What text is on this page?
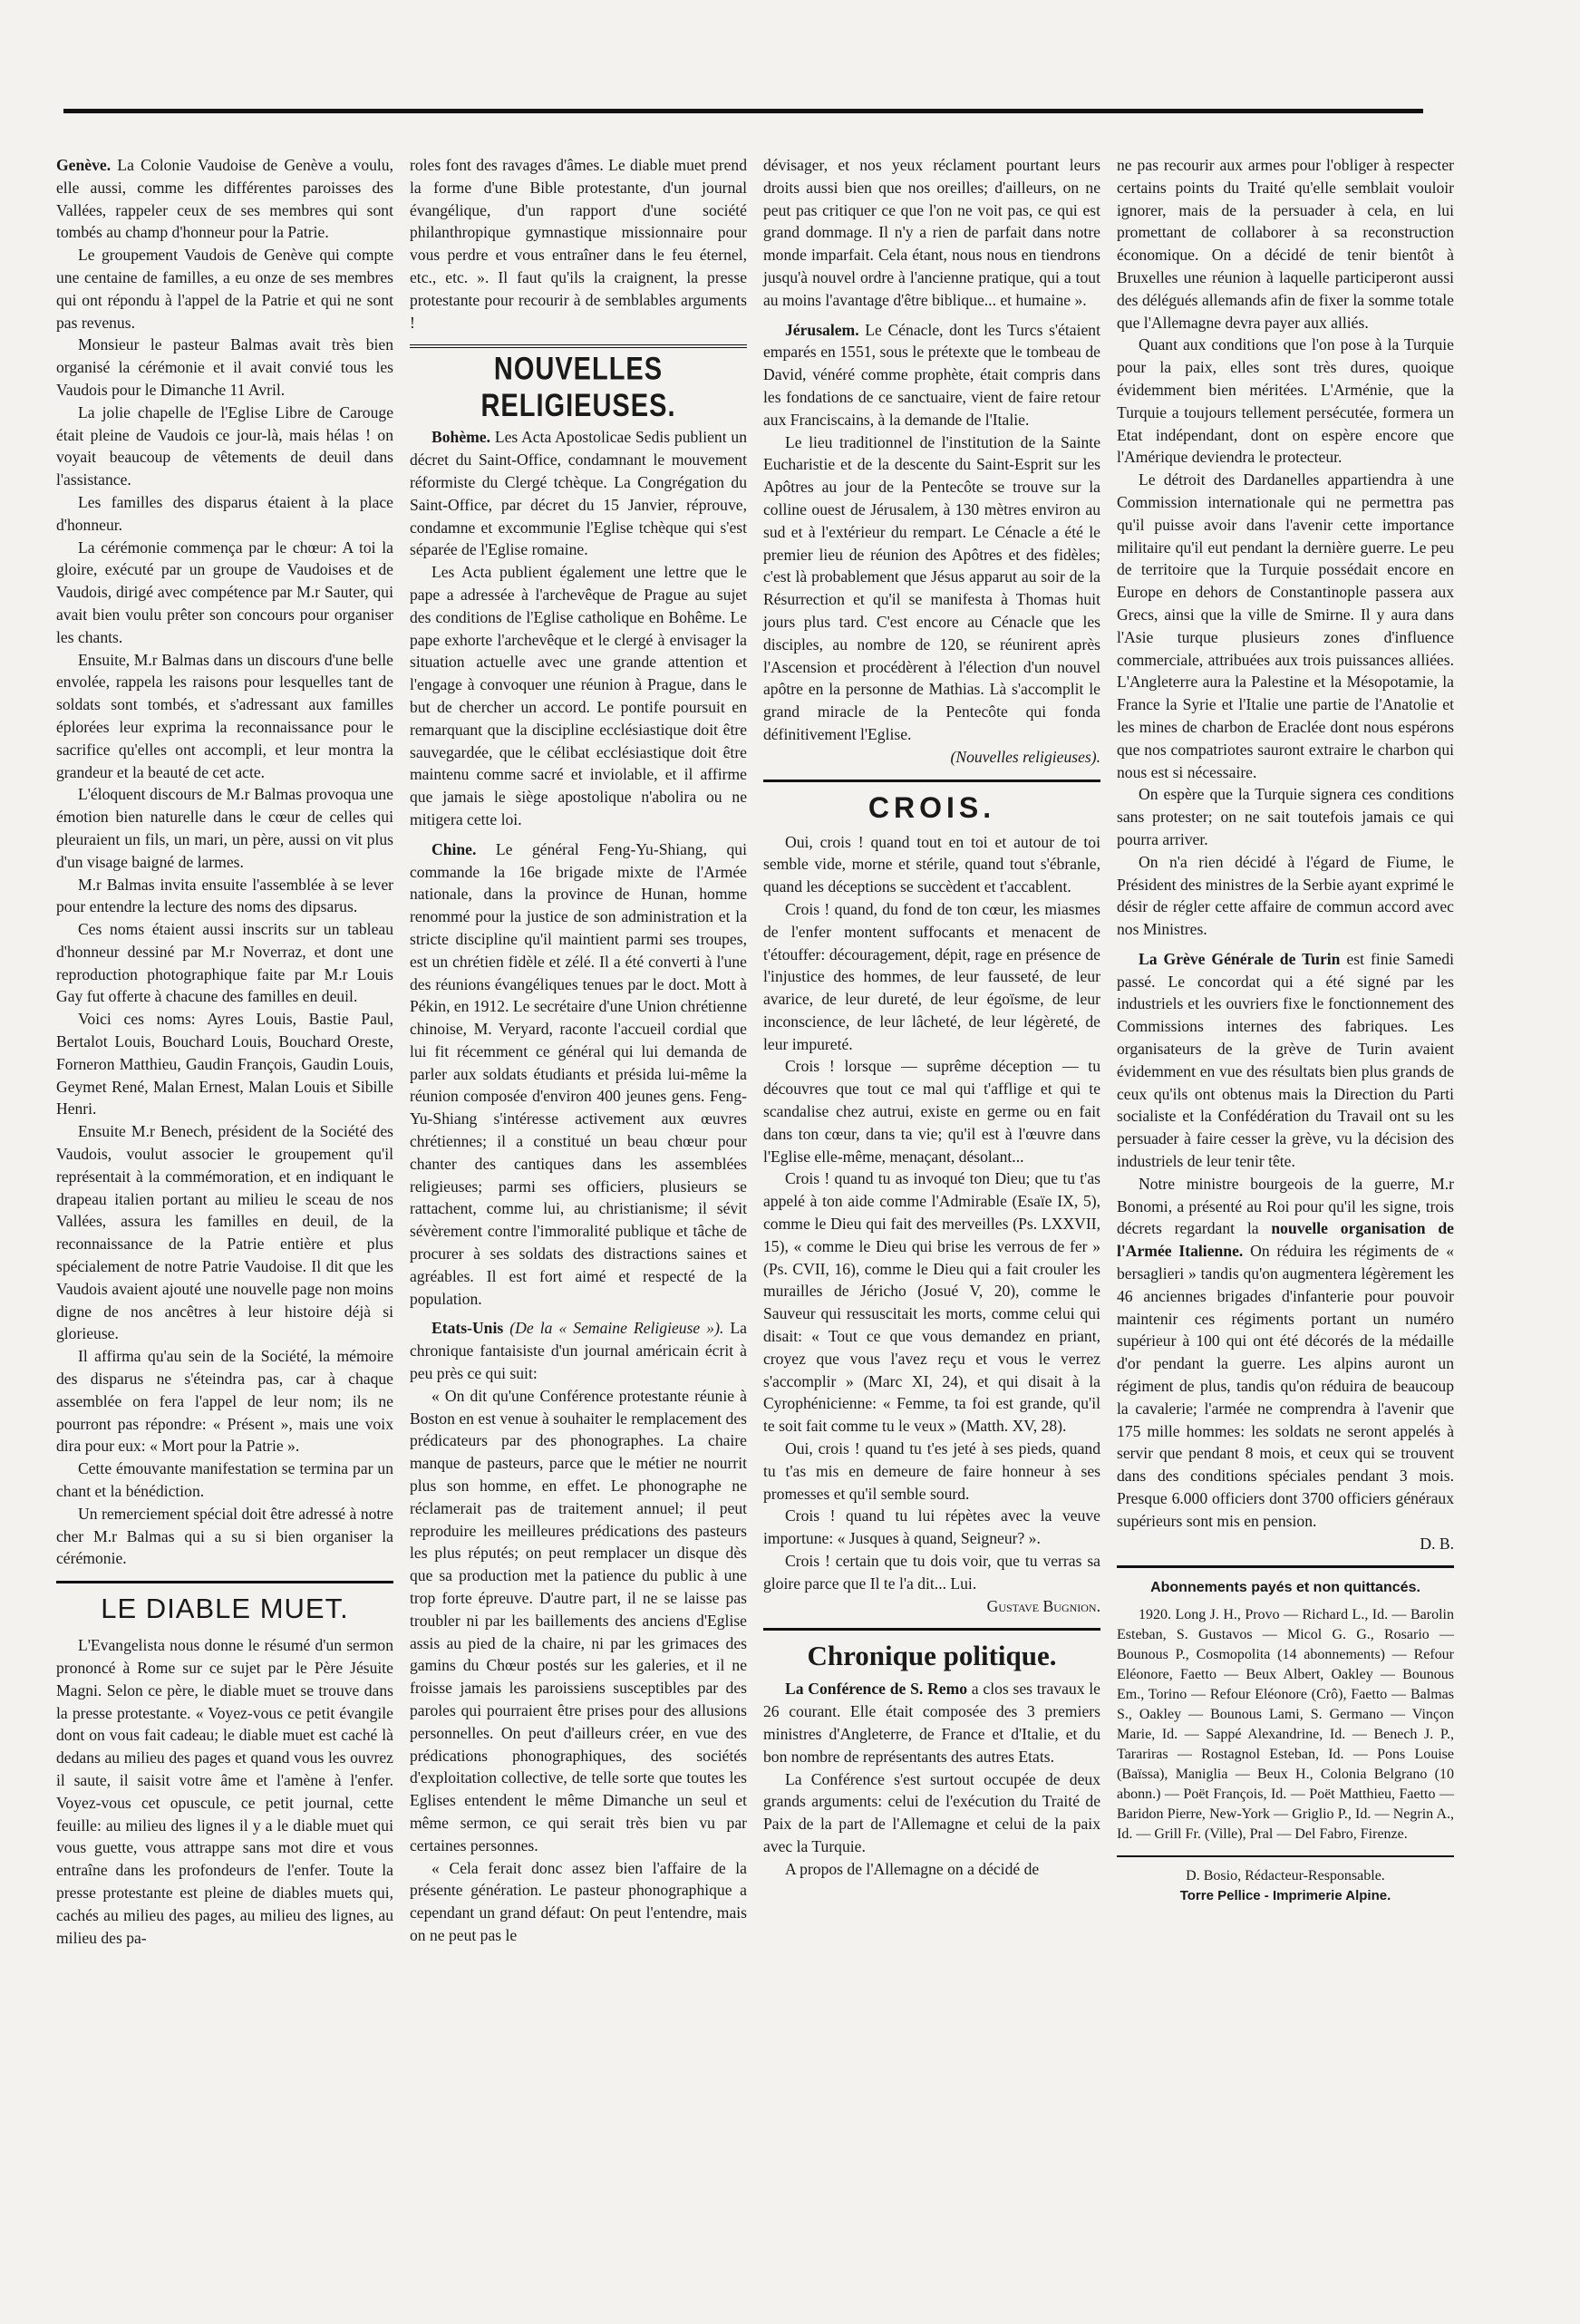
Genève. La Colonie Vaudoise de Genève a voulu, elle aussi, comme les différentes paroisses des Vallées, rappeler ceux de ses membres qui sont tombés au champ d'honneur pour la Patrie.

Le groupement Vaudois de Genève qui compte une centaine de familles, a eu onze de ses membres qui ont répondu à l'appel de la Patrie et qui ne sont pas revenus.

Monsieur le pasteur Balmas avait très bien organisé la cérémonie et il avait convié tous les Vaudois pour le Dimanche 11 Avril.

La jolie chapelle de l'Eglise Libre de Carouge était pleine de Vaudois ce jour-là, mais hélas ! on voyait beaucoup de vêtements de deuil dans l'assistance.

Les familles des disparus étaient à la place d'honneur.

La cérémonie commença par le chœur: A toi la gloire, exécuté par un groupe de Vaudoises et de Vaudois, dirigé avec compétence par M.r Sauter, qui avait bien voulu prêter son concours pour organiser les chants.

Ensuite, M.r Balmas dans un discours d'une belle envolée, rappela les raisons pour lesquelles tant de soldats sont tombés, et s'adressant aux familles éplorées leur exprima la reconnaissance pour le sacrifice qu'elles ont accompli, et leur montra la grandeur et la beauté de cet acte.

L'éloquent discours de M.r Balmas provoqua une émotion bien naturelle dans le cœur de celles qui pleuraient un fils, un mari, un père, aussi on vit plus d'un visage baigné de larmes.

M.r Balmas invita ensuite l'assemblée à se lever pour entendre la lecture des noms des dipsarus.

Ces noms étaient aussi inscrits sur un tableau d'honneur dessiné par M.r Noverraz, et dont une reproduction photographique faite par M.r Louis Gay fut offerte à chacune des familles en deuil.

Voici ces noms: Ayres Louis, Bastie Paul, Bertalot Louis, Bouchard Louis, Bouchard Oreste, Forneron Matthieu, Gaudin François, Gaudin Louis, Geymet René, Malan Ernest, Malan Louis et Sibille Henri.

Ensuite M.r Benech, président de la Société des Vaudois, voulut associer le groupement qu'il représentait à la commémoration, et en indiquant le drapeau italien portant au milieu le sceau de nos Vallées, assura les familles en deuil, de la reconnaissance de la Patrie entière et plus spécialement de notre Patrie Vaudoise. Il dit que les Vaudois avaient ajouté une nouvelle page non moins digne de nos ancêtres à leur histoire déjà si glorieuse.

Il affirma qu'au sein de la Société, la mémoire des disparus ne s'éteindra pas, car à chaque assemblée on fera l'appel de leur nom; ils ne pourront pas répondre: « Présent », mais une voix dira pour eux: « Mort pour la Patrie ».

Cette émouvante manifestation se termina par un chant et la bénédiction.

Un remerciement spécial doit être adressé à notre cher M.r Balmas qui a su si bien organiser la cérémonie.

LE DIABLE MUET.

L'Evangelista nous donne le résumé d'un sermon prononcé à Rome sur ce sujet par le Père Jésuite Magni. Selon ce père, le diable muet se trouve dans la presse protestante. « Voyez-vous ce petit évangile dont on vous fait cadeau; le diable muet est caché là dedans au milieu des pages et quand vous les ouvrez il saute, il saisit votre âme et l'amène à l'enfer. Voyez-vous cet opuscule, ce petit journal, cette feuille: au milieu des lignes il y a le diable muet qui vous guette, vous attrappe sans mot dire et vous entraîne dans les profondeurs de l'enfer. Toute la presse protestante est pleine de diables muets qui, cachés au milieu des pages, au milieu des lignes, au milieu des pa-

roles font des ravages d'âmes. Le diable muet prend la forme d'une Bible protestante, d'un journal évangélique, d'un rapport d'une société philanthropique gymnastique missionnaire pour vous perdre et vous entraîner dans le feu éternel, etc., etc. ». Il faut qu'ils la craignent, la presse protestante pour recourir à de semblables arguments !

NOUVELLES RELIGIEUSES.

Bohème. Les Acta Apostolicae Sedis publient un décret du Saint-Office, condamnant le mouvement réformiste du Clergé tchèque. La Congrégation du Saint-Office, par décret du 15 Janvier, réprouve, condamne et excommunie l'Eglise tchèque qui s'est séparée de l'Eglise romaine.

Les Acta publient également une lettre que le pape a adressée à l'archevêque de Prague au sujet des conditions de l'Eglise catholique en Bohême. Le pape exhorte l'archevêque et le clergé à envisager la situation actuelle avec une grande attention et l'engage à convoquer une réunion à Prague, dans le but de chercher un accord. Le pontife poursuit en remarquant que la discipline ecclésiastique doit être sauvegardée, que le célibat ecclésiastique doit être maintenu comme sacré et inviolable, et il affirme que jamais le siège apostolique n'abolira ou ne mitigera cette loi.

Chine. Le général Feng-Yu-Shiang, qui commande la 16e brigade mixte de l'Armée nationale, dans la province de Hunan, homme renommé pour la justice de son administration et la stricte discipline qu'il maintient parmi ses troupes, est un chrétien fidèle et zélé. Il a été converti à l'une des réunions évangéliques tenues par le doct. Mott à Pékin, en 1912. Le secrétaire d'une Union chrétienne chinoise, M. Veryard, raconte l'accueil cordial que lui fit récemment ce général qui lui demanda de parler aux soldats étudiants et présida lui-même la réunion composée d'environ 400 jeunes gens. Feng-Yu-Shiang s'intéresse activement aux œuvres chrétiennes; il a constitué un beau chœur pour chanter des cantiques dans les assemblées religieuses; parmi ses officiers, plusieurs se rattachent, comme lui, au christianisme; il sévit sévèrement contre l'immoralité publique et tâche de procurer à ses soldats des distractions saines et agréables. Il est fort aimé et respecté de la population.

Etats-Unis (De la « Semaine Religieuse »). La chronique fantaisiste d'un journal américain écrit à peu près ce qui suit:

« On dit qu'une Conférence protestante réunie à Boston en est venue à souhaiter le remplacement des prédicateurs par des phonographes. La chaire manque de pasteurs, parce que le métier ne nourrit plus son homme, en effet. Le phonographe ne réclamerait pas de traitement annuel; il peut reproduire les meilleures prédications des pasteurs les plus réputés; on peut remplacer un disque dès que sa production met la patience du public à une trop forte épreuve. D'autre part, il ne se laisse pas troubler ni par les baillements des anciens d'Eglise assis au pied de la chaire, ni par les grimaces des gamins du Chœur postés sur les galeries, et il ne froisse jamais les paroissiens susceptibles par des paroles qui pourraient être prises pour des allusions personnelles. On peut d'ailleurs créer, en vue des prédications phonographiques, des sociétés d'exploitation collective, de telle sorte que toutes les Eglises entendent le même Dimanche un seul et même sermon, ce qui serait très bien vu par certaines personnes.

« Cela ferait donc assez bien l'affaire de la présente génération. Le pasteur phonographique a cependant un grand défaut: On peut l'entendre, mais on ne peut pas le

dévisager, et nos yeux réclament pourtant leurs droits aussi bien que nos oreilles; d'ailleurs, on ne peut pas critiquer ce que l'on ne voit pas, ce qui est grand dommage. Il n'y a rien de parfait dans notre monde imparfait. Cela étant, nous nous en tiendrons jusqu'à nouvel ordre à l'ancienne pratique, qui a tout au moins l'avantage d'être biblique... et humaine ».

Jérusalem. Le Cénacle, dont les Turcs s'étaient emparés en 1551, sous le prétexte que le tombeau de David, vénéré comme prophète, était compris dans les fondations de ce sanctuaire, vient de faire retour aux Franciscains, à la demande de l'Italie.

Le lieu traditionnel de l'institution de la Sainte Eucharistie et de la descente du Saint-Esprit sur les Apôtres au jour de la Pentecôte se trouve sur la colline ouest de Jérusalem, à 130 mètres environ au sud et à l'extérieur du rempart. Le Cénacle a été le premier lieu de réunion des Apôtres et des fidèles; c'est là probablement que Jésus apparut au soir de la Résurrection et qu'il se manifesta à Thomas huit jours plus tard. C'est encore au Cénacle que les disciples, au nombre de 120, se réunirent après l'Ascension et procédèrent à l'élection d'un nouvel apôtre en la personne de Mathias. Là s'accomplit le grand miracle de la Pentecôte qui fonda définitivement l'Eglise.

(Nouvelles religieuses).
CROIS.

Oui, crois ! quand tout en toi et autour de toi semble vide, morne et stérile, quand tout s'ébranle, quand les déceptions se succèdent et t'accablent.

Crois ! quand, du fond de ton cœur, les miasmes de l'enfer montent suffocants et menacent de t'étouffer: découragement, dépit, rage en présence de l'injustice des hommes, de leur fausseté, de leur avarice, de leur dureté, de leur égoïsme, de leur inconscience, de leur lâcheté, de leur légèreté, de leur impureté.

Crois ! lorsque — suprême déception — tu découvres que tout ce mal qui t'afflige et qui te scandalise chez autrui, existe en germe ou en fait dans ton cœur, dans ta vie; qu'il est à l'œuvre dans l'Eglise elle-même, menaçant, désolant...

Crois ! quand tu as invoqué ton Dieu; que tu t'as appelé à ton aide comme l'Admirable (Esaïe IX, 5), comme le Dieu qui fait des merveilles (Ps. LXXVII, 15), « comme le Dieu qui brise les verrous de fer » (Ps. CVII, 16), comme le Dieu qui a fait crouler les murailles de Jéricho (Josué V, 20), comme le Sauveur qui ressuscitait les morts, comme celui qui disait: « Tout ce que vous demandez en priant, croyez que vous l'avez reçu et vous le verrez s'accomplir » (Marc XI, 24), et qui disait à la Cyrophénicienne: « Femme, ta foi est grande, qu'il te soit fait comme tu le veux » (Matth. XV, 28).

Oui, crois ! quand tu t'es jeté à ses pieds, quand tu t'as mis en demeure de faire honneur à ses promesses et qu'il semble sourd.

Crois ! quand tu lui répètes avec la veuve importune: « Jusques à quand, Seigneur? ».

Crois ! certain que tu dois voir, que tu verras sa gloire parce que Il te l'a dit... Lui.

Gustave Bugnion.
Chronique politique.

La Conférence de S. Remo a clos ses travaux le 26 courant. Elle était composée des 3 premiers ministres d'Angleterre, de France et d'Italie, et du bon nombre de représentants des autres Etats.

La Conférence s'est surtout occupée de deux grands arguments: celui de l'exécution du Traité de Paix de la part de l'Allemagne et celui de la paix avec la Turquie.

A propos de l'Allemagne on a décidé de

ne pas recourir aux armes pour l'obliger à respecter certains points du Traité qu'elle semblait vouloir ignorer, mais de la persuader à cela, en lui promettant de collaborer à sa reconstruction économique. On a décidé de tenir bientôt à Bruxelles une réunion à laquelle participeront aussi des délégués allemands afin de fixer la somme totale que l'Allemagne devra payer aux alliés.

Quant aux conditions que l'on pose à la Turquie pour la paix, elles sont très dures, quoique évidemment bien méritées. L'Arménie, que la Turquie a toujours tellement persécutée, formera un Etat indépendant, dont on espère encore que l'Amérique deviendra le protecteur.

Le détroit des Dardanelles appartiendra à une Commission internationale qui ne permettra pas qu'il puisse avoir dans l'avenir cette importance militaire qu'il eut pendant la dernière guerre. Le peu de territoire que la Turquie possédait encore en Europe en dehors de Constantinople passera aux Grecs, ainsi que la ville de Smirne. Il y aura dans l'Asie turque plusieurs zones d'influence commerciale, attribuées aux trois puissances alliées. L'Angleterre aura la Palestine et la Mésopotamie, la France la Syrie et l'Italie une partie de l'Anatolie et les mines de charbon de Eraclée dont nous espérons que nos compatriotes sauront extraire le charbon qui nous est si nécessaire.

On espère que la Turquie signera ces conditions sans protester; on ne sait toutefois jamais ce qui pourra arriver.

On n'a rien décidé à l'égard de Fiume, le Président des ministres de la Serbie ayant exprimé le désir de régler cette affaire de commun accord avec nos Ministres.

La Grève Générale de Turin est finie Samedi passé. Le concordat qui a été signé par les industriels et les ouvriers fixe le fonctionnement des Commissions internes des fabriques. Les organisateurs de la grève de Turin avaient évidemment en vue des résultats bien plus grands de ceux qu'ils ont obtenus mais la Direction du Parti socialiste et la Confédération du Travail ont su les persuader à faire cesser la grève, vu la décision des industriels de leur tenir tête.

Notre ministre bourgeois de la guerre, M.r Bonomi, a présenté au Roi pour qu'il les signe, trois décrets regardant la nouvelle organisation de l'Armée Italienne. On réduira les régiments de « bersaglieri » tandis qu'on augmentera légèrement les 46 anciennes brigades d'infanterie pour pouvoir maintenir ces régiments portant un numéro supérieur à 100 qui ont été décorés de la médaille d'or pendant la guerre. Les alpins auront un régiment de plus, tandis qu'on réduira de beaucoup la cavalerie; l'armée ne comprendra à l'avenir que 175 mille hommes: les soldats ne seront appelés à servir que pendant 8 mois, et ceux qui se trouvent dans des conditions spéciales pendant 3 mois. Presque 6.000 officiers dont 3700 officiers généraux supérieurs sont mis en pension.

D. B.
Abonnements payés et non quittancés.

1920. Long J. H., Provo — Richard L., Id. — Barolin Esteban, S. Gustavos — Micol G. G., Rosario — Bounous P., Cosmopolita (14 abonnements) — Refour Eléonore, Faetto — Beux Albert, Oakley — Bounous Em., Torino — Refour Eléonore (Crô), Faetto — Balmas S., Oakley — Bounous Lami, S. Germano — Vinçon Marie, Id. — Sappé Alexandrine, Id. — Benech J. P., Tarariras — Rostagnol Esteban, Id. — Pons Louise (Baïssa), Maniglia — Beux H., Colonia Belgrano (10 abonn.) — Poët François, Id. — Poët Matthieu, Faetto — Baridon Pierre, New-York — Griglio P., Id. — Negrin A., Id. — Grill Fr. (Ville), Pral — Del Fabro, Firenze.

D. Bosio, Rédacteur-Responsable.
Torre Pellice - Imprimerie Alpine.
